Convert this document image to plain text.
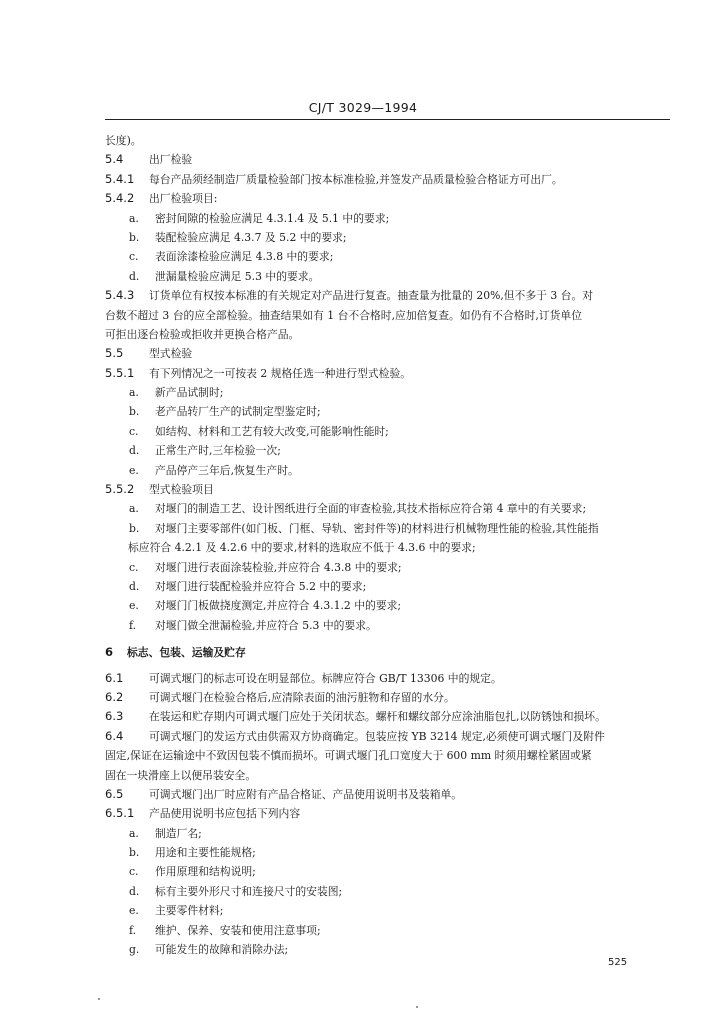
CJ/T 3029—1994
长度)。
5.4 出厂检验
5.4.1 每台产品须经制造厂质量检验部门按本标准检验,并签发产品质量检验合格证方可出厂。
5.4.2 出厂检验项目:
a. 密封间隙的检验应满足 4.3.1.4 及 5.1 中的要求;
b. 装配检验应满足 4.3.7 及 5.2 中的要求;
c. 表面涂漆检验应满足 4.3.8 中的要求;
d. 泄漏量检验应满足 5.3 中的要求。
5.4.3 订货单位有权按本标准的有关规定对产品进行复查。抽查量为批量的 20%,但不多于 3 台。对
台数不超过 3 台的应全部检验。抽查结果如有 1 台不合格时,应加倍复查。如仍有不合格时,订货单位
可拒出逐台检验或拒收并更换合格产品。
5.5 型式检验
5.5.1 有下列情况之一可按表 2 规格任选一种进行型式检验。
a. 新产品试制时;
b. 老产品转厂生产的试制定型鉴定时;
c. 如结构、材料和工艺有较大改变,可能影响性能时;
d. 正常生产时,三年检验一次;
e. 产品停产三年后,恢复生产时。
5.5.2 型式检验项目
a. 对堰门的制造工艺、设计图纸进行全面的审查检验,其技术指标应符合第 4 章中的有关要求;
b. 对堰门主要零部件(如门板、门框、导轨、密封件等)的材料进行机械物理性能的检验,其性能指
标应符合 4.2.1 及 4.2.6 中的要求,材料的选取应不低于 4.3.6 中的要求;
c. 对堰门进行表面涂装检验,并应符合 4.3.8 中的要求;
d. 对堰门进行装配检验并应符合 5.2 中的要求;
e. 对堰门门板做挠度测定,并应符合 4.3.1.2 中的要求;
f. 对堰门做全泄漏检验,并应符合 5.3 中的要求。
6 标志、包装、运输及贮存
6.1 可调式堰门的标志可设在明显部位。标牌应符合 GB/T 13306 中的规定。
6.2 可调式堰门在检验合格后,应清除表面的油污脏物和存留的水分。
6.3 在装运和贮存期内可调式堰门应处于关闭状态。螺杆和螺纹部分应涂油脂包扎,以防锈蚀和损坏。
6.4 可调式堰门的发运方式由供需双方协商确定。包装应按 YB 3214 规定,必须使可调式堰门及附件
固定,保证在运输途中不致因包装不慎而损坏。可调式堰门孔口宽度大于 600 mm 时须用螺栓紧固或紧
固在一块滑座上以便吊装安全。
6.5 可调式堰门出厂时应附有产品合格证、产品使用说明书及装箱单。
6.5.1 产品使用说明书应包括下列内容
a. 制造厂名;
b. 用途和主要性能规格;
c. 作用原理和结构说明;
d. 标有主要外形尺寸和连接尺寸的安装图;
e. 主要零件材料;
f. 维护、保养、安装和使用注意事项;
g. 可能发生的故障和消除办法;
525
